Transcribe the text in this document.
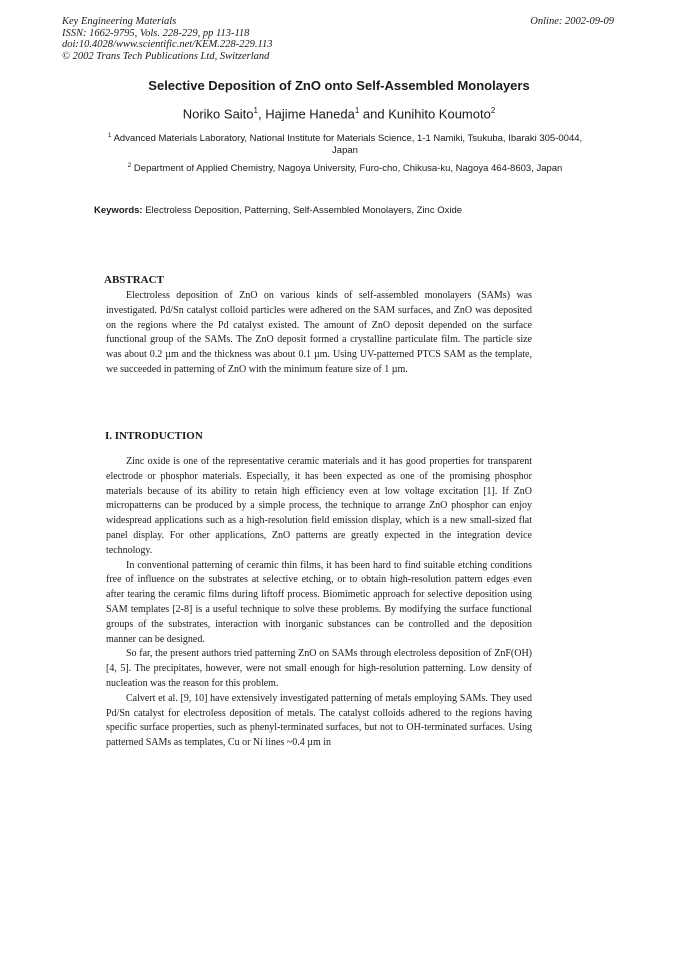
Key Engineering Materials
ISSN: 1662-9795, Vols. 228-229, pp 113-118
doi:10.4028/www.scientific.net/KEM.228-229.113
© 2002 Trans Tech Publications Ltd, Switzerland
Online: 2002-09-09
Selective Deposition of ZnO onto Self-Assembled Monolayers
Noriko Saito$^1$, Hajime Haneda$^1$ and Kunihito Koumoto$^2$
$^1$ Advanced Materials Laboratory, National Institute for Materials Science, 1-1 Namiki, Tsukuba, Ibaraki 305-0044, Japan
$^2$ Department of Applied Chemistry, Nagoya University, Furo-cho, Chikusa-ku, Nagoya 464-8603, Japan
Keywords: Electroless Deposition, Patterning, Self-Assembled Monolayers, Zinc Oxide
ABSTRACT

Electroless deposition of ZnO on various kinds of self-assembled monolayers (SAMs) was investigated. Pd/Sn catalyst colloid particles were adhered on the SAM surfaces, and ZnO was deposited on the regions where the Pd catalyst existed. The amount of ZnO deposit depended on the surface functional group of the SAMs. The ZnO deposit formed a crystalline particulate film. The particle size was about 0.2 µm and the thickness was about 0.1 µm. Using UV-patterned PTCS SAM as the template, we succeeded in patterning of ZnO with the minimum feature size of 1 µm.

I. INTRODUCTION

Zinc oxide is one of the representative ceramic materials and it has good properties for transparent electrode or phosphor materials. Especially, it has been expected as one of the promising phosphor materials because of its ability to retain high efficiency even at low voltage excitation [1]. If ZnO micropatterns can be produced by a simple process, the technique to arrange ZnO phosphor can enjoy widespread applications such as a high-resolution field emission display, which is a new small-sized flat panel display. For other applications, ZnO patterns are greatly expected in the integration device technology.

In conventional patterning of ceramic thin films, it has been hard to find suitable etching conditions free of influence on the substrates at selective etching, or to obtain high-resolution pattern edges even after tearing the ceramic films during liftoff process. Biomimetic approach for selective deposition using SAM templates [2-8] is a useful technique to solve these problems. By modifying the surface functional groups of the substrates, interaction with inorganic substances can be controlled and the deposition manner can be designed.

So far, the present authors tried patterning ZnO on SAMs through electroless deposition of ZnF(OH) [4, 5]. The precipitates, however, were not small enough for high-resolution patterning. Low density of nucleation was the reason for this problem.

Calvert et al. [9, 10] have extensively investigated patterning of metals employing SAMs. They used Pd/Sn catalyst for electroless deposition of metals. The catalyst colloids adhered to the regions having specific surface properties, such as phenyl-terminated surfaces, but not to OH-terminated surfaces. Using patterned SAMs as templates, Cu or Ni lines ~0.4 µm in
